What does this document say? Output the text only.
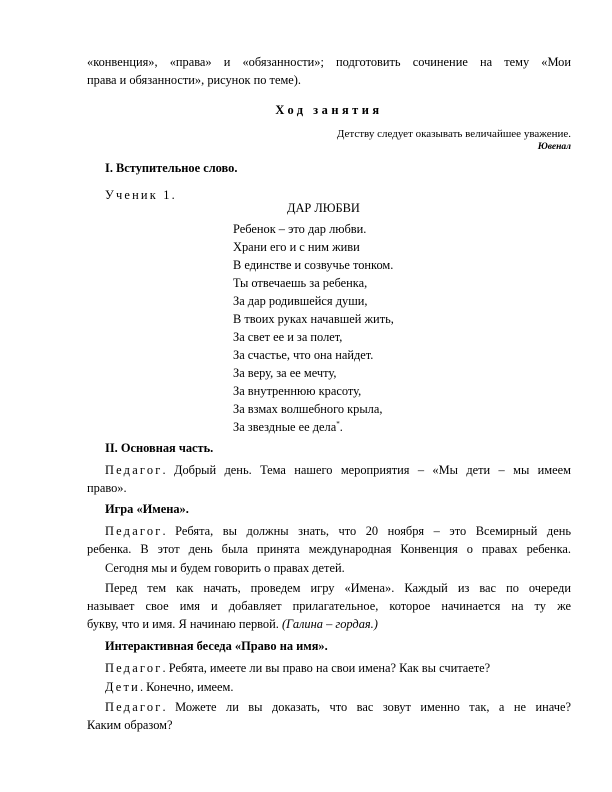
«конвенция», «права» и «обязанности»; подготовить сочинение на тему «Мои

права и обязанности», рисунок по теме).

Ход занятия

Детству следует оказывать величайшее уважение.

Ювенал

I. Вступительное слово.

Ученик 1.

ДАР ЛЮБВИ

Ребенок – это дар любви.

Храни его и с ним живи

В единстве и созвучье тонком.

Ты отвечаешь за ребенка,

За дар родившейся души,

В твоих руках начавшей жить,

За свет ее и за полет,

За счастье, что она найдет.

За веру, за ее мечту,

За внутреннюю красоту,

За взмах волшебного крыла,

За звездные ее дела*.

II. Основная часть.

Педагог. Добрый день. Тема нашего мероприятия – «Мы дети – мы имеем

право».

Игра «Имена».

Педагог. Ребята, вы должны знать, что 20 ноября – это Всемирный день

ребенка. В этот день была принята международная Конвенция о правах ребенка.

Сегодня мы и будем говорить о правах детей.

Перед тем как начать, проведем игру «Имена». Каждый из вас по очереди

называет свое имя и добавляет прилагательное, которое начинается на ту же

букву, что и имя. Я начинаю первой. (Галина – гордая.)

Интерактивная беседа «Право на имя».

Педагог. Ребята, имеете ли вы право на свои имена? Как вы считаете?

Дети. Конечно, имеем.

Педагог. Можете ли вы доказать, что вас зовут именно так, а не иначе?

Каким образом?
